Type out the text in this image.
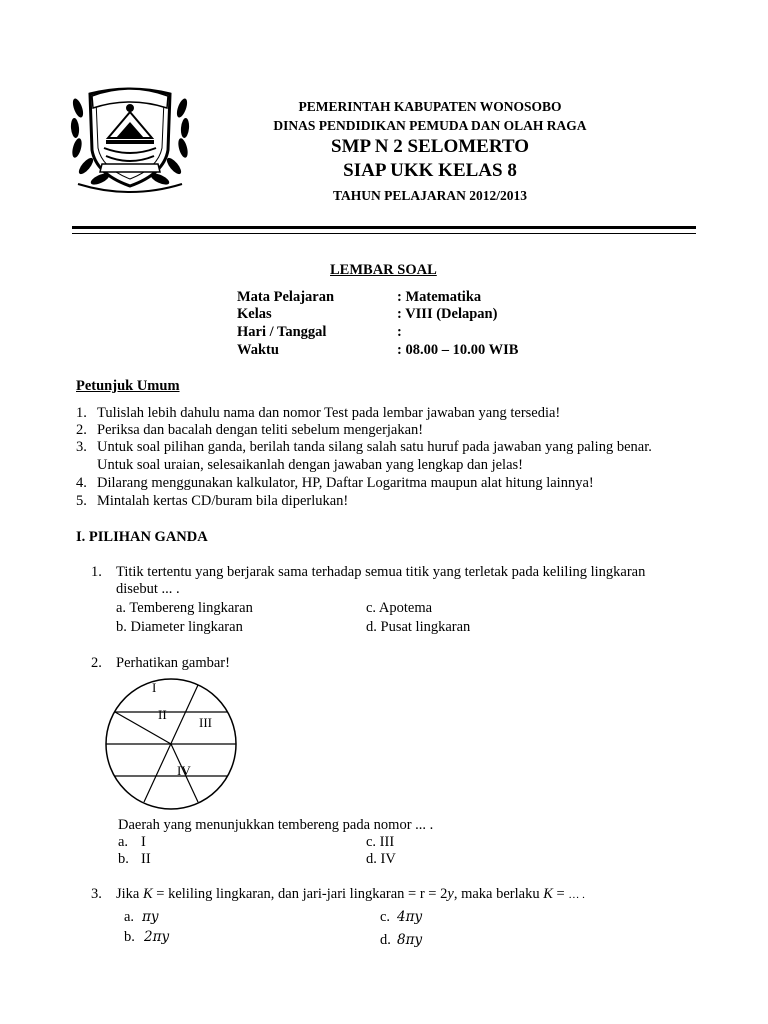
PEMERINTAH KABUPATEN WONOSOBO
DINAS PENDIDIKAN PEMUDA DAN OLAH RAGA
SMP N 2 SELOMERTO
SIAP UKK KELAS 8
TAHUN PELAJARAN 2012/2013
LEMBAR SOAL
Mata Pelajaran	: Matematika
Kelas	: VIII (Delapan)
Hari / Tanggal	:
Waktu	: 08.00 – 10.00 WIB
Petunjuk Umum
1. Tulislah lebih dahulu nama dan nomor Test pada lembar jawaban yang tersedia!
2. Periksa dan bacalah dengan teliti sebelum mengerjakan!
3. Untuk soal pilihan ganda, berilah tanda silang salah satu huruf pada jawaban yang paling benar.
Untuk soal uraian, selesaikanlah dengan jawaban yang lengkap dan jelas!
4. Dilarang menggunakan kalkulator, HP, Daftar Logaritma maupun alat hitung lainnya!
5. Mintalah kertas CD/buram bila diperlukan!
I. PILIHAN GANDA
1. Titik tertentu yang berjarak sama terhadap semua titik yang terletak pada keliling lingkaran
disebut ... .
a. Tembereng lingkaran	c. Apotema
b. Diameter lingkaran	d. Pusat lingkaran
2. Perhatikan gambar!
I
II
III
IV
Daerah yang menunjukkan tembereng pada nomor ... .
a. I	c. III
b. II	d. IV
3. Jika K = keliling lingkaran, dan jari-jari lingkaran = r = 2y, maka berlaku K = … .
a. πy	c. 4πy
b. 2πy	d. 8πy
